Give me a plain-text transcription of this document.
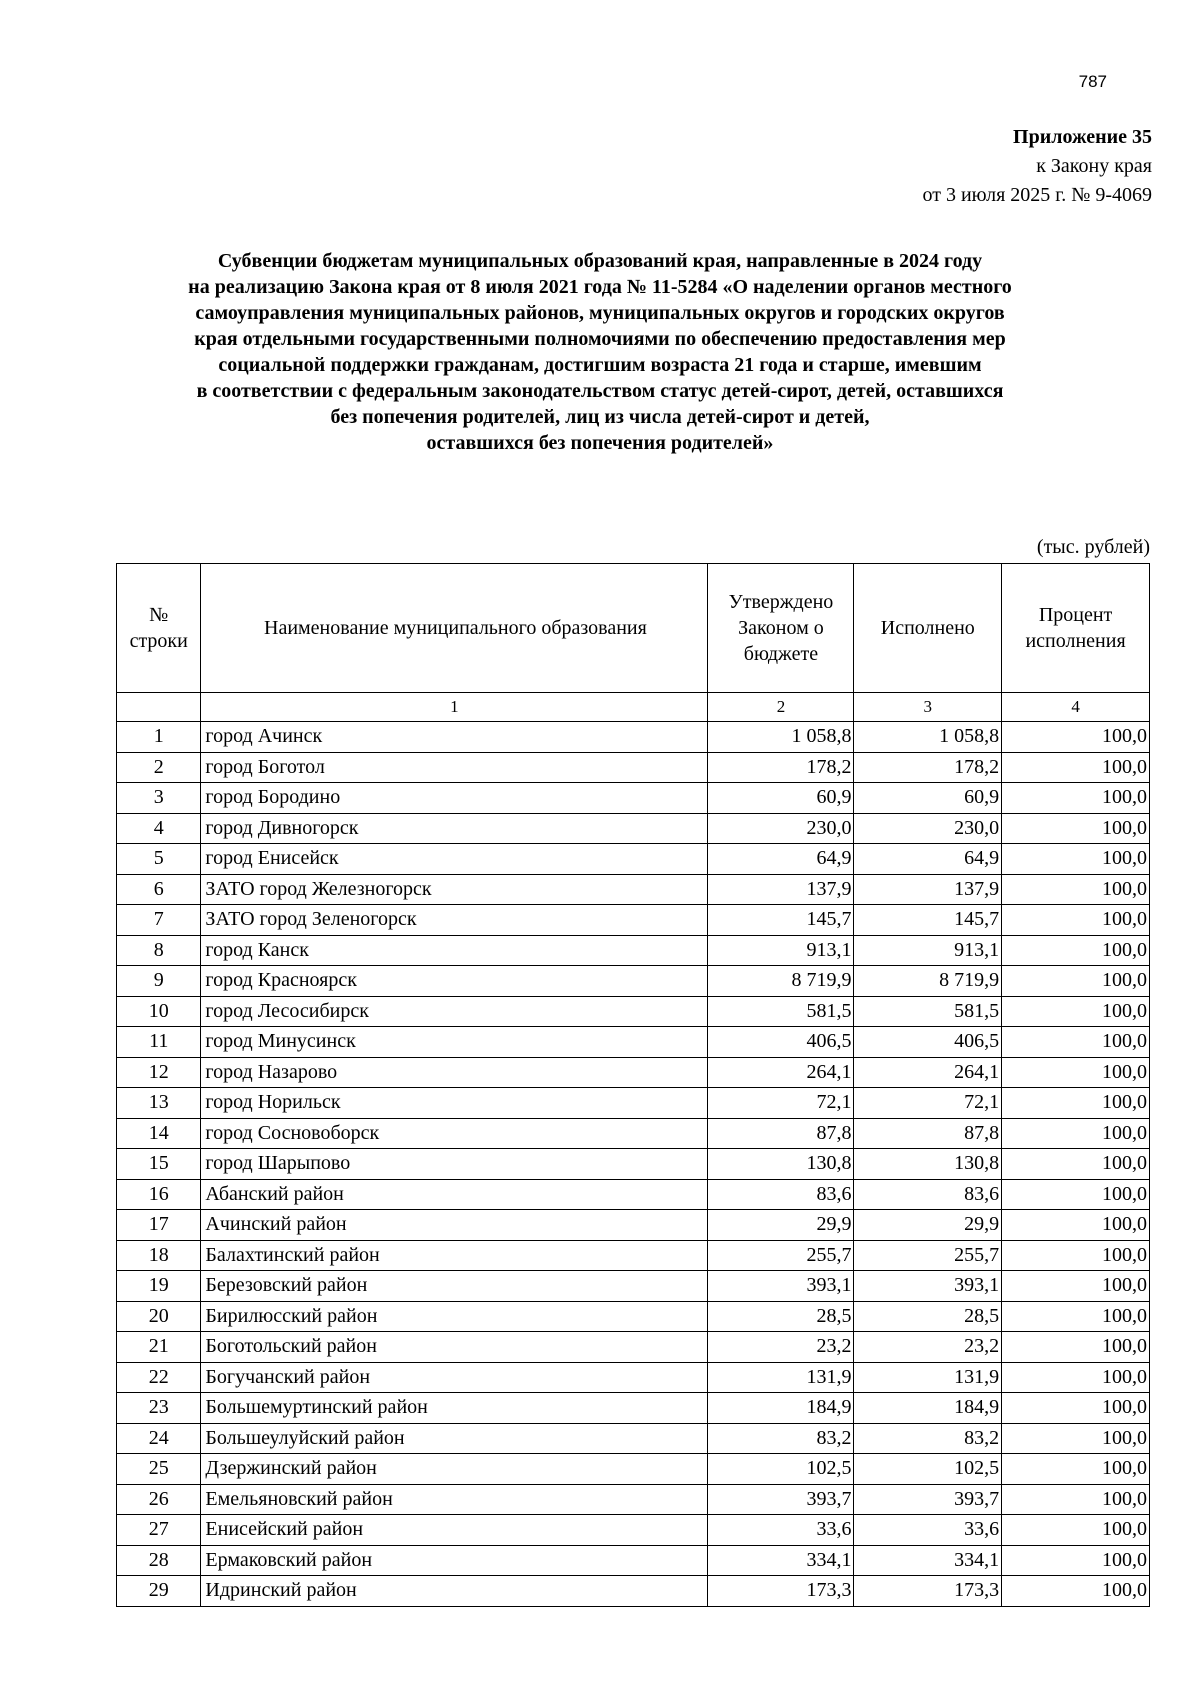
787
Приложение 35
к Закону края
от 3 июля 2025 г. № 9-4069
Субвенции бюджетам муниципальных образований края, направленные в 2024 году
на реализацию Закона края от 8 июля 2021 года № 11-5284 «О наделении органов местного
самоуправления муниципальных районов, муниципальных округов и городских округов
края отдельными государственными полномочиями по обеспечению предоставления мер
социальной поддержки гражданам, достигшим возраста 21 года и старше, имевшим
в соответствии с федеральным законодательством статус детей-сирот, детей, оставшихся
без попечения родителей, лиц из числа детей-сирот и детей,
оставшихся без попечения родителей»
(тыс. рублей)
№ строки	Наименование муниципального образования	Утверждено Законом о бюджете	Исполнено	Процент исполнения
	1	2	3	4
1	город Ачинск	1 058,8	1 058,8	100,0
2	город Боготол	178,2	178,2	100,0
3	город Бородино	60,9	60,9	100,0
4	город Дивногорск	230,0	230,0	100,0
5	город Енисейск	64,9	64,9	100,0
6	ЗАТО город Железногорск	137,9	137,9	100,0
7	ЗАТО город Зеленогорск	145,7	145,7	100,0
8	город Канск	913,1	913,1	100,0
9	город Красноярск	8 719,9	8 719,9	100,0
10	город Лесосибирск	581,5	581,5	100,0
11	город Минусинск	406,5	406,5	100,0
12	город Назарово	264,1	264,1	100,0
13	город Норильск	72,1	72,1	100,0
14	город Сосновоборск	87,8	87,8	100,0
15	город Шарыпово	130,8	130,8	100,0
16	Абанский район	83,6	83,6	100,0
17	Ачинский район	29,9	29,9	100,0
18	Балахтинский район	255,7	255,7	100,0
19	Березовский район	393,1	393,1	100,0
20	Бирилюсский район	28,5	28,5	100,0
21	Боготольский район	23,2	23,2	100,0
22	Богучанский район	131,9	131,9	100,0
23	Большемуртинский район	184,9	184,9	100,0
24	Большеулуйский район	83,2	83,2	100,0
25	Дзержинский район	102,5	102,5	100,0
26	Емельяновский район	393,7	393,7	100,0
27	Енисейский район	33,6	33,6	100,0
28	Ермаковский район	334,1	334,1	100,0
29	Идринский район	173,3	173,3	100,0
